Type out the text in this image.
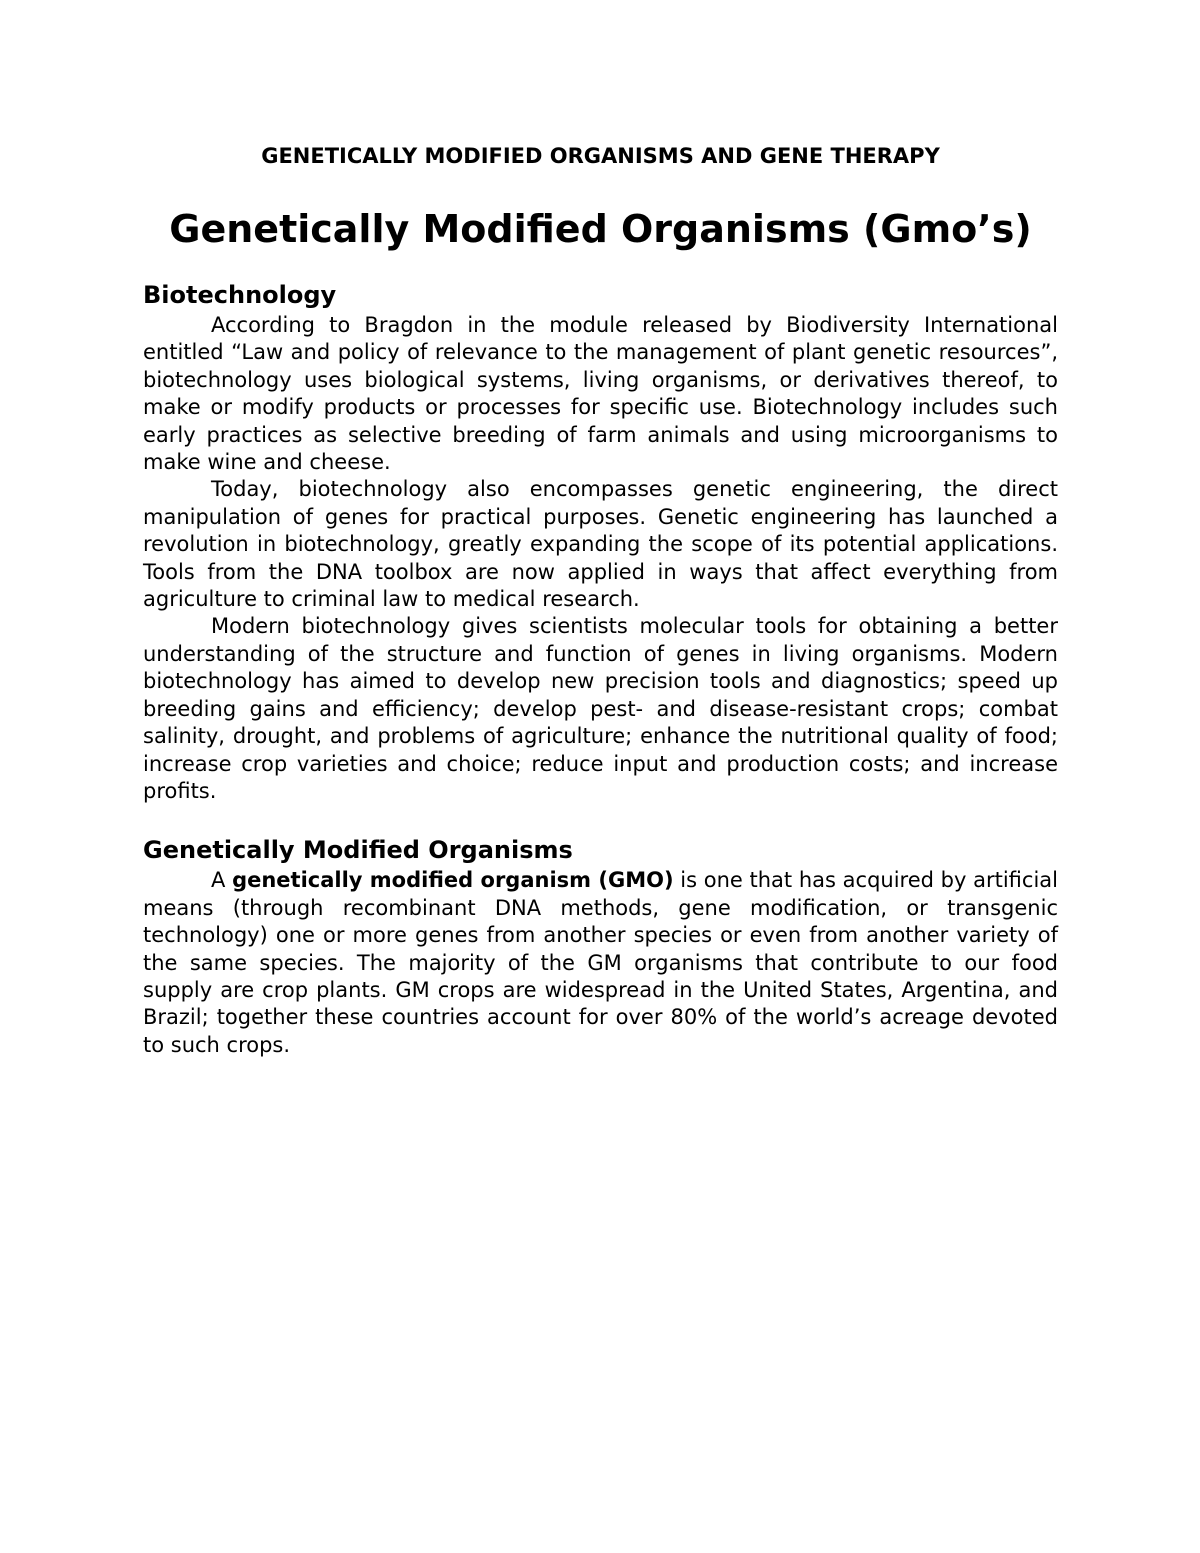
GENETICALLY MODIFIED ORGANISMS AND GENE THERAPY
Genetically Modified Organisms (Gmo’s)
Biotechnology

According to Bragdon in the module released by Biodiversity International entitled “Law and policy of relevance to the management of plant genetic resources”, biotechnology uses biological systems, living organisms, or derivatives thereof, to make or modify products or processes for specific use. Biotechnology includes such early practices as selective breeding of farm animals and using microorganisms to make wine and cheese.

Today, biotechnology also encompasses genetic engineering, the direct manipulation of genes for practical purposes. Genetic engineering has launched a revolution in biotechnology, greatly expanding the scope of its potential applications. Tools from the DNA toolbox are now applied in ways that affect everything from agriculture to criminal law to medical research.

Modern biotechnology gives scientists molecular tools for obtaining a better understanding of the structure and function of genes in living organisms. Modern biotechnology has aimed to develop new precision tools and diagnostics; speed up breeding gains and efficiency; develop pest- and disease-resistant crops; combat salinity, drought, and problems of agriculture; enhance the nutritional quality of food; increase crop varieties and choice; reduce input and production costs; and increase profits.

Genetically Modified Organisms

A genetically modified organism (GMO) is one that has acquired by artificial means (through recombinant DNA methods, gene modification, or transgenic technology) one or more genes from another species or even from another variety of the same species. The majority of the GM organisms that contribute to our food supply are crop plants. GM crops are widespread in the United States, Argentina, and Brazil; together these countries account for over 80% of the world’s acreage devoted to such crops.
